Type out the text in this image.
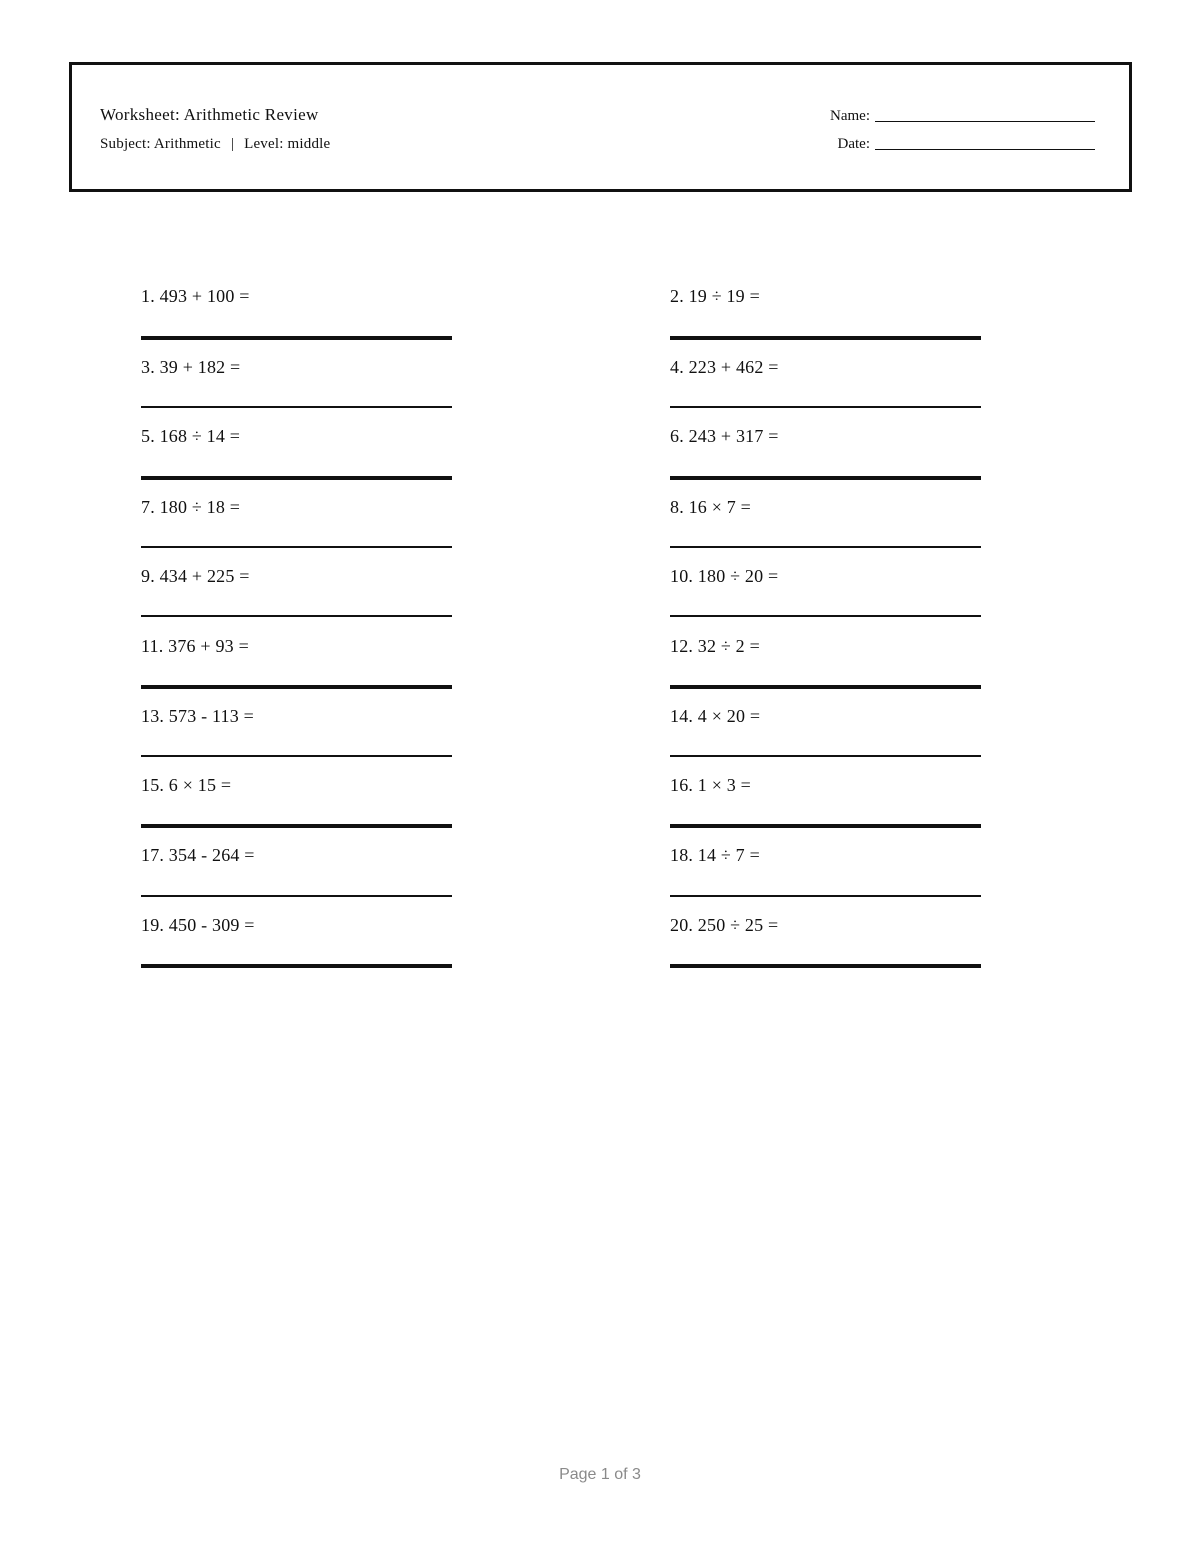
Worksheet: Arithmetic Review
Subject: Arithmetic | Level: middle
Name:
Date:
1. 493 + 100 =	2. 19 ÷ 19 =
3. 39 + 182 =	4. 223 + 462 =
5. 168 ÷ 14 =	6. 243 + 317 =
7. 180 ÷ 18 =	8. 16 × 7 =
9. 434 + 225 =	10. 180 ÷ 20 =
11. 376 + 93 =	12. 32 ÷ 2 =
13. 573 - 113 =	14. 4 × 20 =
15. 6 × 15 =	16. 1 × 3 =
17. 354 - 264 =	18. 14 ÷ 7 =
19. 450 - 309 =	20. 250 ÷ 25 =
Page 1 of 3
